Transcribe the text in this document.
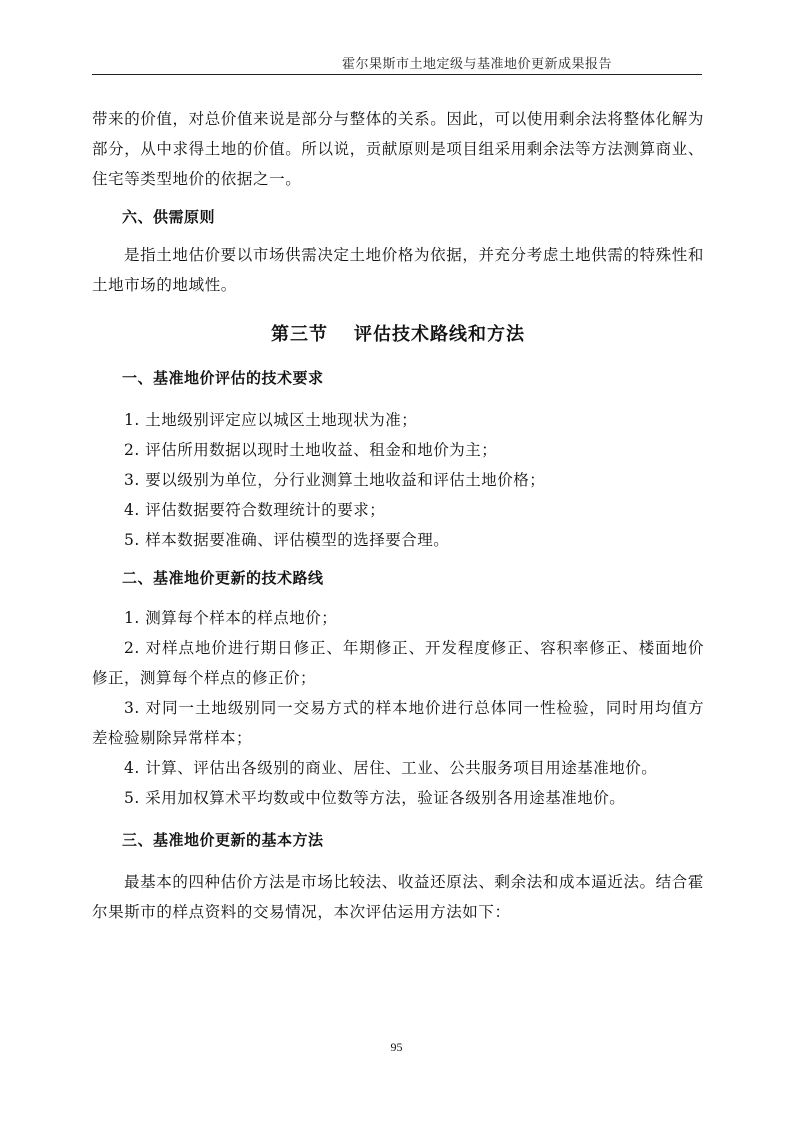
霍尔果斯市土地定级与基准地价更新成果报告

带来的价值，对总价值来说是部分与整体的关系。因此，可以使用剩余法将整体化解为部分，从中求得土地的价值。所以说，贡献原则是项目组采用剩余法等方法测算商业、住宅等类型地价的依据之一。

六、供需原则

是指土地估价要以市场供需决定土地价格为依据，并充分考虑土地供需的特殊性和土地市场的地域性。

第三节 评估技术路线和方法

一、基准地价评估的技术要求

1. 土地级别评定应以城区土地现状为准；

2. 评估所用数据以现时土地收益、租金和地价为主；

3. 要以级别为单位，分行业测算土地收益和评估土地价格；

4. 评估数据要符合数理统计的要求；

5. 样本数据要准确、评估模型的选择要合理。

二、基准地价更新的技术路线

1. 测算每个样本的样点地价；

2. 对样点地价进行期日修正、年期修正、开发程度修正、容积率修正、楼面地价修正，测算每个样点的修正价；

3. 对同一土地级别同一交易方式的样本地价进行总体同一性检验，同时用均值方差检验剔除异常样本；

4. 计算、评估出各级别的商业、居住、工业、公共服务项目用途基准地价。

5. 采用加权算术平均数或中位数等方法，验证各级别各用途基准地价。

三、基准地价更新的基本方法

最基本的四种估价方法是市场比较法、收益还原法、剩余法和成本逼近法。结合霍尔果斯市的样点资料的交易情况，本次评估运用方法如下：

95
